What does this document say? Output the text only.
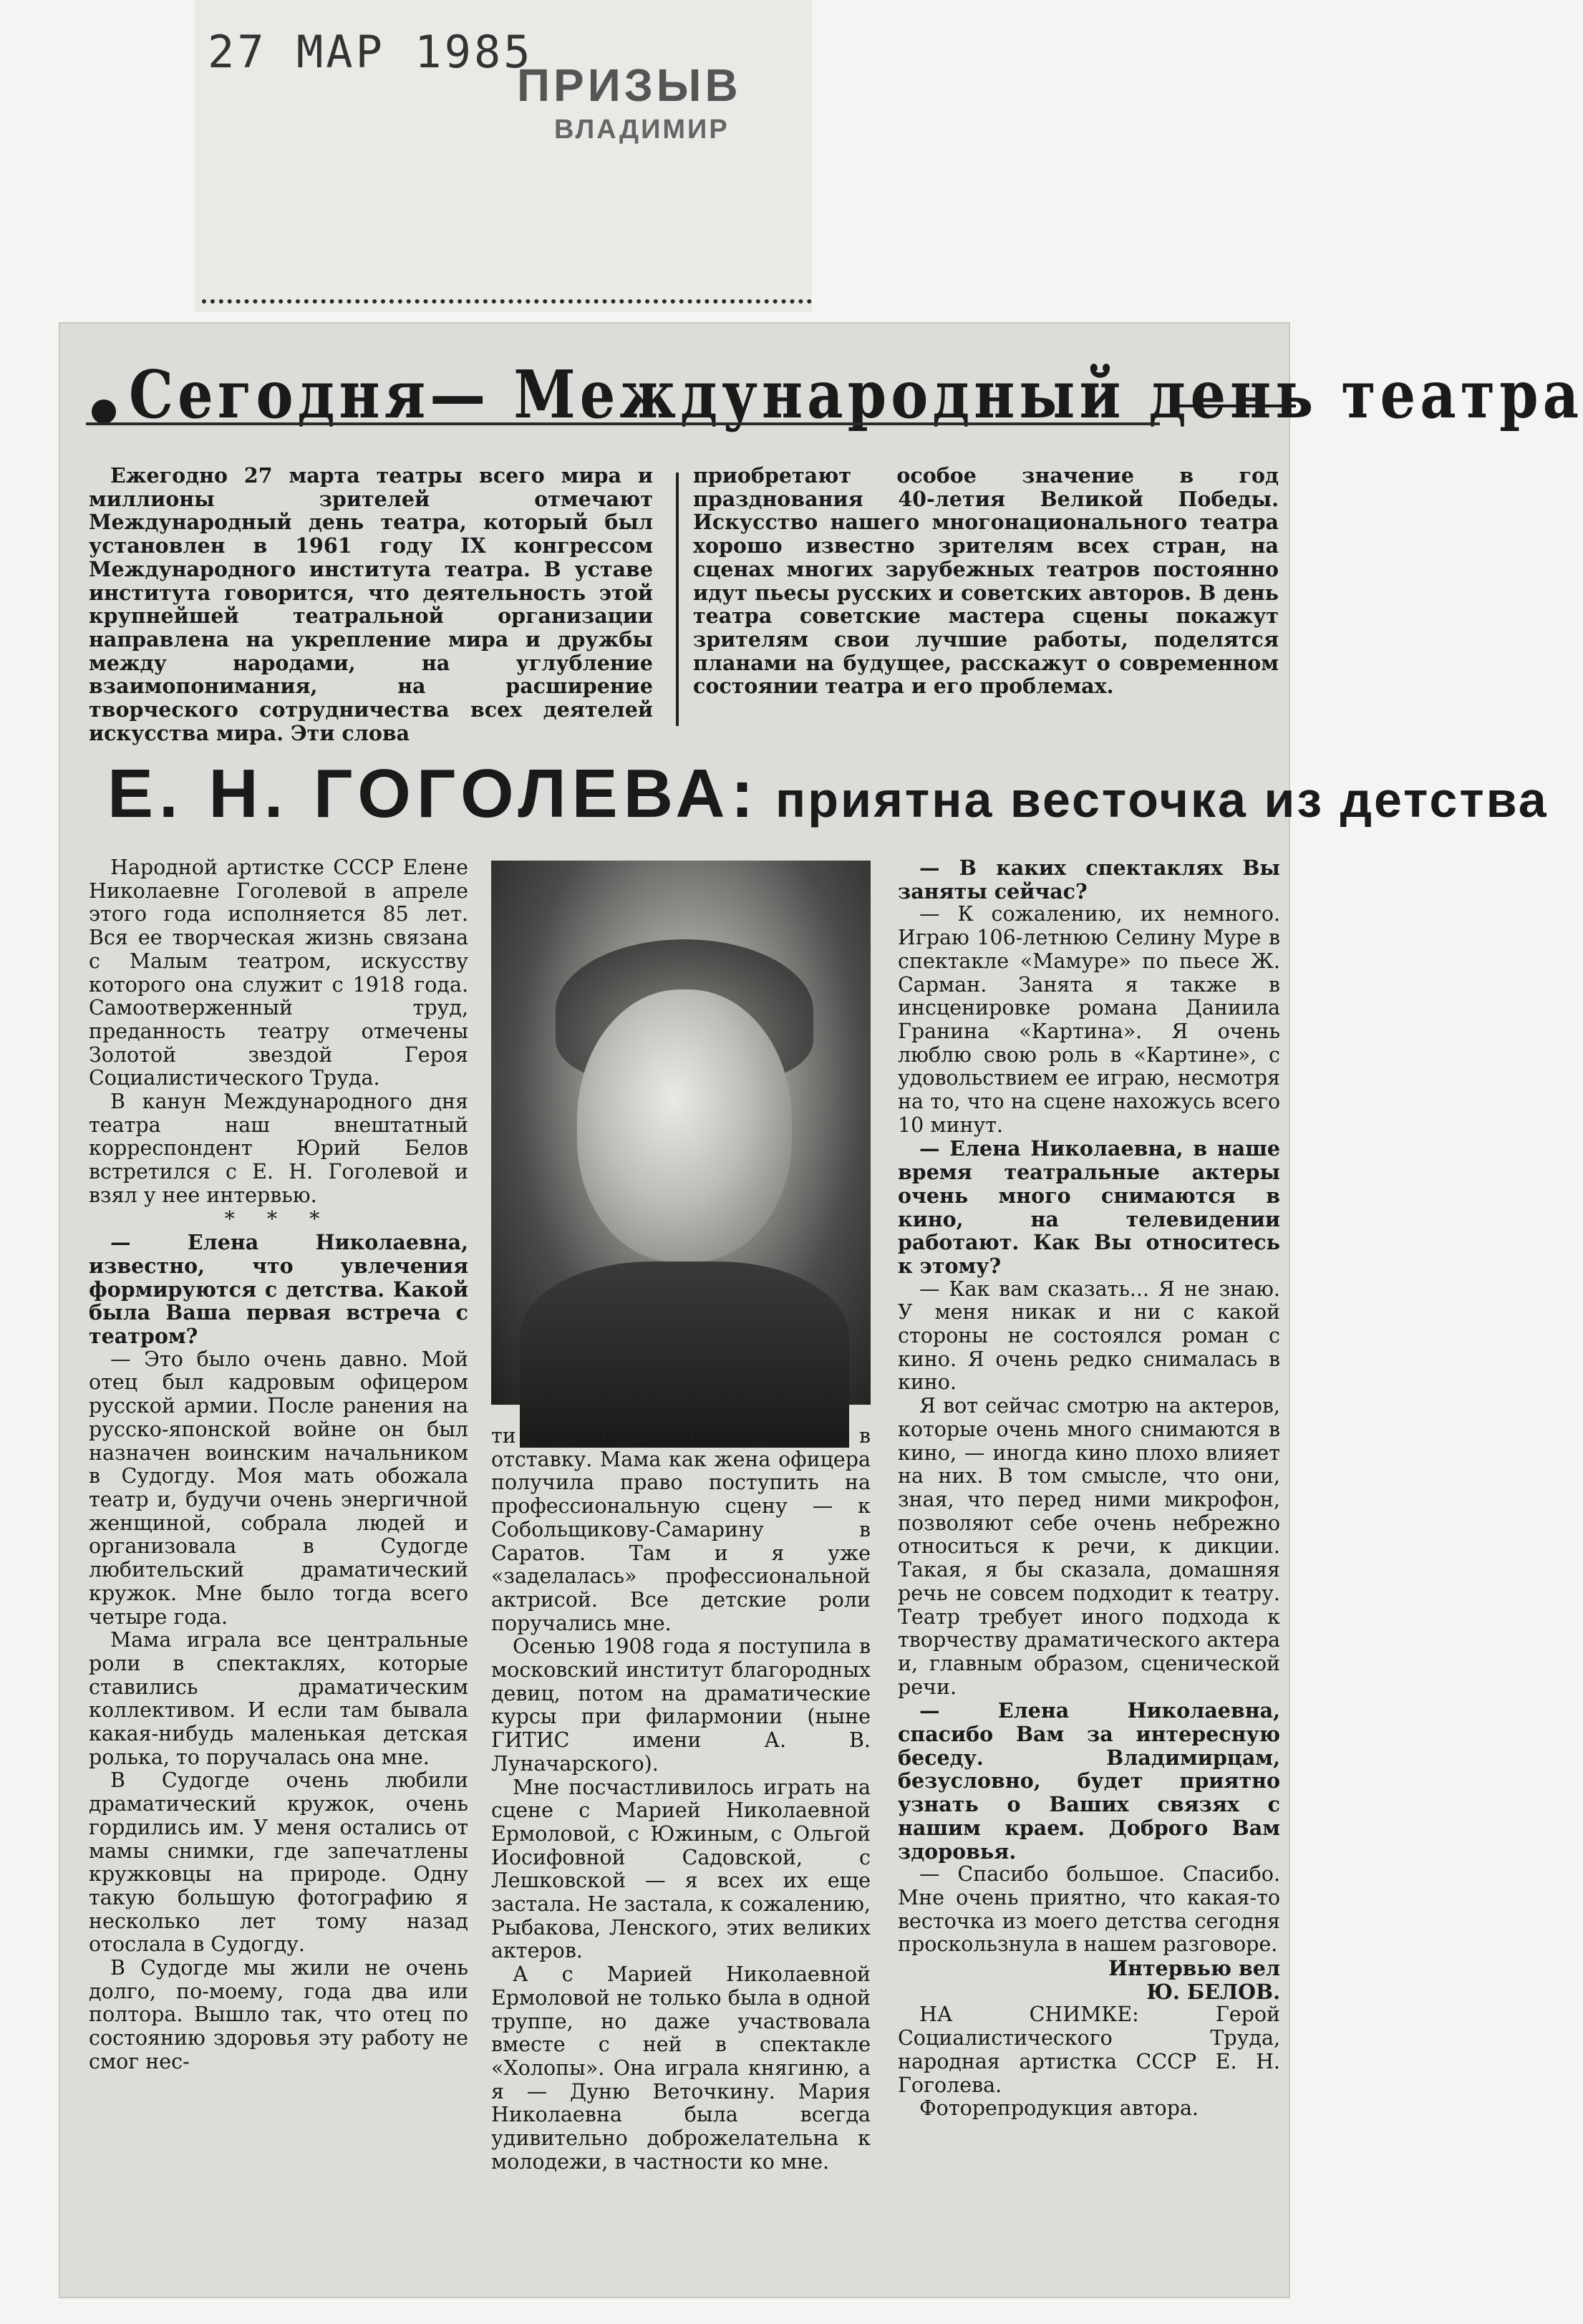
27 МАР 1985
ПРИЗЫВ
ВЛАДИМИР
Сегодня— Международный день театра

Ежегодно 27 марта театры всего мира и миллионы зрителей отмечают Международный день театра, который был установлен в 1961 году IX конгрессом Международного института театра. В уставе института говорится, что деятельность этой крупнейшей театральной организации направлена на укрепление мира и дружбы между народами, на углубление взаимопонимания, на расширение творческого сотрудничества всех деятелей искусства мира. Эти слова

приобретают особое значение в год празднования 40-летия Великой Победы. Искусство нашего многонационального театра хорошо известно зрителям всех стран, на сценах многих зарубежных театров постоянно идут пьесы русских и советских авторов. В день театра советские мастера сцены покажут зрителям свои лучшие работы, поделятся планами на будущее, расскажут о современном состоянии театра и его проблемах.

Е. Н. ГОГОЛЕВА: приятна весточка из детства

Народной артистке СССР Елене Николаевне Гоголевой в апреле этого года исполняется 85 лет. Вся ее творческая жизнь связана с Малым театром, искусству которого она служит с 1918 года. Самоотверженный труд, преданность театру отмечены Золотой звездой Героя Социалистического Труда.

В канун Международного дня театра наш внештатный корреспондент Юрий Белов встретился с Е. Н. Гоголевой и взял у нее интервью.

* * *

— Елена Николаевна, известно, что увлечения формируются с детства. Какой была Ваша первая встреча с театром?

— Это было очень давно. Мой отец был кадровым офицером русской армии. После ранения на русско-японской войне он был назначен воинским начальником в Судогду. Моя мать обожала театр и, будучи очень энергичной женщиной, собрала людей и организовала в Судогде любительский драматический кружок. Мне было тогда всего четыре года.

Мама играла все центральные роли в спектаклях, которые ставились драматическим коллективом. И если там бывала какая-нибудь маленькая детская ролька, то поручалась она мне.

В Судогде очень любили драматический кружок, очень гордились им. У меня остались от мамы снимки, где запечатлены кружковцы на природе. Одну такую большую фотографию я несколько лет тому назад отослала в Судогду.

В Судогде мы жили не очень долго, по-моему, года два или полтора. Вышло так, что отец по состоянию здоровья эту работу не смог нес-

ти и ему пришлось выйти в отставку. Мама как жена офицера получила право поступить на профессиональную сцену — к Собольщикову-Самарину в Саратов. Там и я уже «заделалась» профессиональной актрисой. Все детские роли поручались мне.

Осенью 1908 года я поступила в московский институт благородных девиц, потом на драматические курсы при филармонии (ныне ГИТИС имени А. В. Луначарского).

Мне посчастливилось играть на сцене с Марией Николаевной Ермоловой, с Южиным, с Ольгой Иосифовной Садовской, с Лешковской — я всех их еще застала. Не застала, к сожалению, Рыбакова, Ленского, этих великих актеров.

А с Марией Николаевной Ермоловой не только была в одной труппе, но даже участвовала вместе с ней в спектакле «Холопы». Она играла княгиню, а я — Дуню Веточкину. Мария Николаевна была всегда удивительно доброжелательна к молодежи, в частности ко мне.

— В каких спектаклях Вы заняты сейчас?

— К сожалению, их немного. Играю 106-летнюю Селину Муре в спектакле «Мамуре» по пьесе Ж. Сарман. Занята я также в инсценировке романа Даниила Гранина «Картина». Я очень люблю свою роль в «Картине», с удовольствием ее играю, несмотря на то, что на сцене нахожусь всего 10 минут.

— Елена Николаевна, в наше время театральные актеры очень много снимаются в кино, на телевидении работают. Как Вы относитесь к этому?

— Как вам сказать... Я не знаю. У меня никак и ни с какой стороны не состоялся роман с кино. Я очень редко снималась в кино.

Я вот сейчас смотрю на актеров, которые очень много снимаются в кино, — иногда кино плохо влияет на них. В том смысле, что они, зная, что перед ними микрофон, позволяют себе очень небрежно относиться к речи, к дикции. Такая, я бы сказала, домашняя речь не совсем подходит к театру. Театр требует иного подхода к творчеству драматического актера и, главным образом, сценической речи.

— Елена Николаевна, спасибо Вам за интересную беседу. Владимирцам, безусловно, будет приятно узнать о Ваших связях с нашим краем. Доброго Вам здоровья.

— Спасибо большое. Спасибо. Мне очень приятно, что какая-то весточка из моего детства сегодня проскользнула в нашем разговоре.

Интервью вел

Ю. БЕЛОВ.

НА СНИМКЕ: Герой Социалистического Труда, народная артистка СССР Е. Н. Гоголева.

Фоторепродукция автора.
